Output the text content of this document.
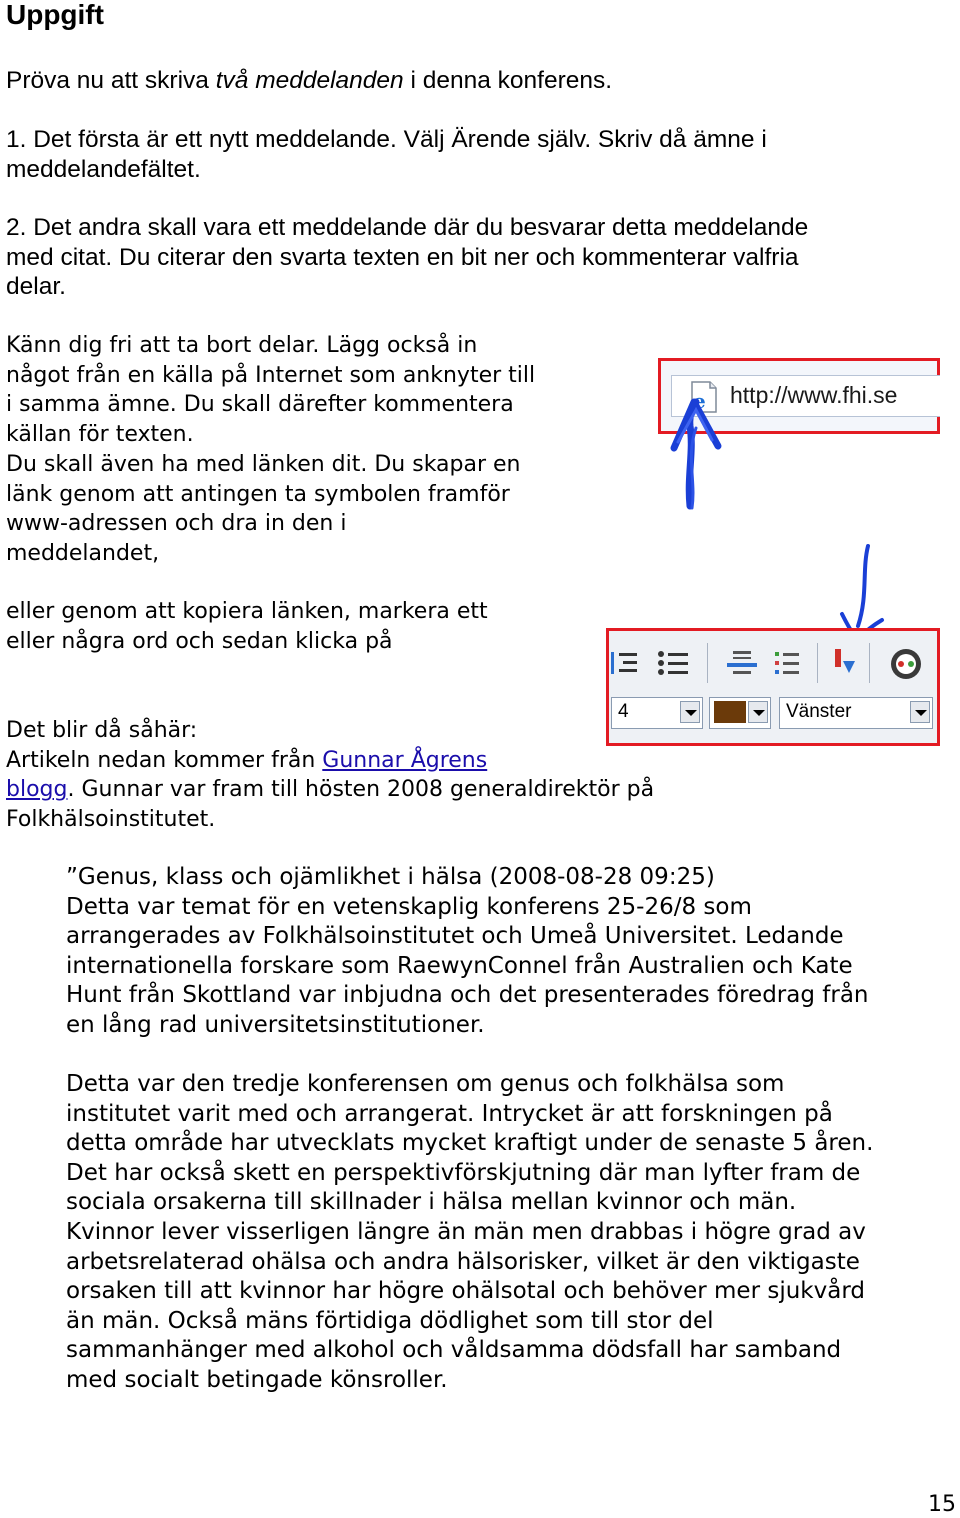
Uppgift

Pröva nu att skriva två meddelanden i denna konferens.

1. Det första är ett nytt meddelande. Välj Ärende själv. Skriv då ämne i
meddelandefältet.

2. Det andra skall vara ett meddelande där du besvarar detta meddelande
med citat. Du citerar den svarta texten en bit ner och kommenterar valfria
delar.

Känn dig fri att ta bort delar. Lägg också in
något från en källa på Internet som anknyter till
i samma ämne. Du skall därefter kommentera
källan för texten.
Du skall även ha med länken dit. Du skapar en
länk genom att antingen ta symbolen framför
www-adressen och dra in den i
meddelandet,

eller genom att kopiera länken, markera ett
eller några ord och sedan klicka på

Det blir då såhär:
Artikeln nedan kommer från Gunnar Ågrens
blogg. Gunnar var fram till hösten 2008 generaldirektör på
Folkhälsoinstitutet.

”Genus, klass och ojämlikhet i hälsa (2008-08-28 09:25)
Detta var temat för en vetenskaplig konferens 25-26/8 som
arrangerades av Folkhälsoinstitutet och Umeå Universitet. Ledande
internationella forskare som RaewynConnel från Australien och Kate
Hunt från Skottland var inbjudna och det presenterades föredrag från
en lång rad universitetsinstitutioner.

Detta var den tredje konferensen om genus och folkhälsa som
institutet varit med och arrangerat. Intrycket är att forskningen på
detta område har utvecklats mycket kraftigt under de senaste 5 åren.
Det har också skett en perspektivförskjutning där man lyfter fram de
sociala orsakerna till skillnader i hälsa mellan kvinnor och män.
Kvinnor lever visserligen längre än män men drabbas i högre grad av
arbetsrelaterad ohälsa och andra hälsorisker, vilket är den viktigaste
orsaken till att kvinnor har högre ohälsotal och behöver mer sjukvård
än män. Också mäns förtidiga dödlighet som till stor del
sammanhänger med alkohol och våldsamma dödsfall har samband
med socialt betingade könsroller.

e http://www.fhi.se
4	Vänster
15
